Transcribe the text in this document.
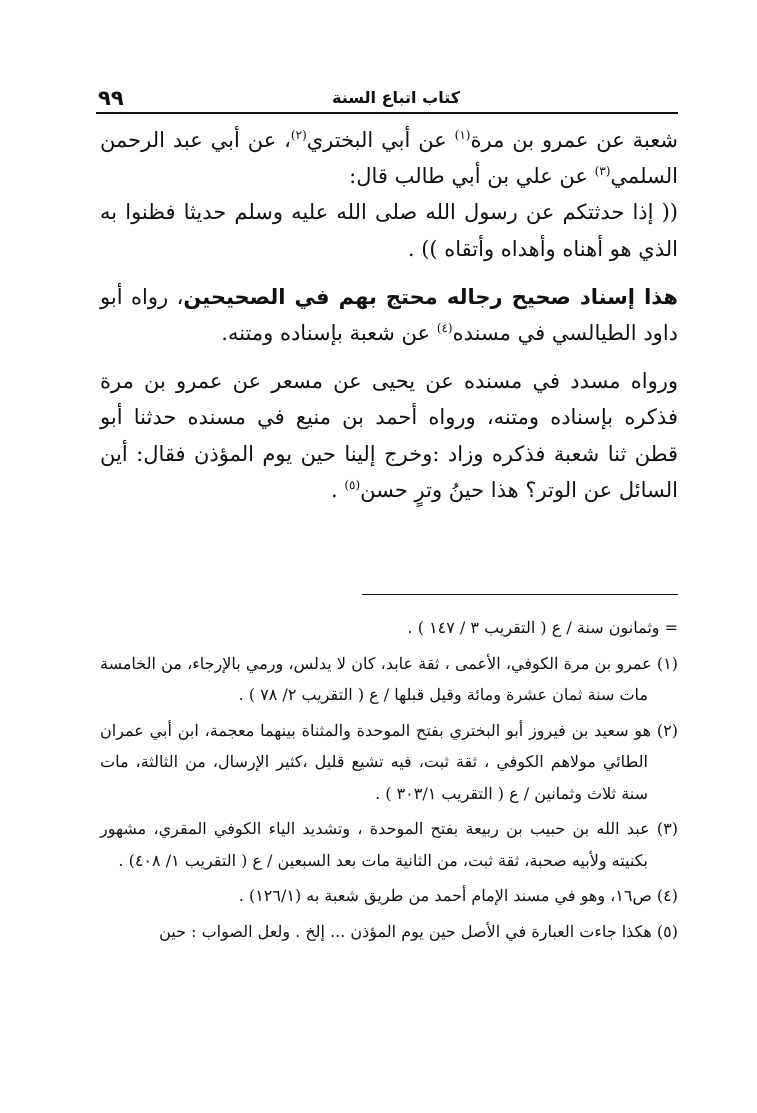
٩٩	كتاب اتباع السنة

شعبة عن عمرو بن مرة$^{(١)}$ عن أبي البختري$^{(٢)}$، عن أبي عبد الرحمن السلمي$^{(٣)}$ عن علي بن أبي طالب قال:

(( إذا حدثتكم عن رسول الله صلى الله عليه وسلم حديثا فظنوا به الذي هو أهناه وأهداه وأتقاه )) .

هذا إسناد صحيح رجاله محتج بهم في الصحيحين، رواه أبو داود الطيالسي في مسنده$^{(٤)}$ عن شعبة بإسناده ومتنه.

ورواه مسدد في مسنده عن يحيى عن مسعر عن عمرو بن مرة فذكره بإسناده ومتنه، ورواه أحمد بن منيع في مسنده حدثنا أبو قطن ثنا شعبة فذكره وزاد :وخرج إلينا حين يوم المؤذن فقال: أين السائل عن الوتر؟ هذا حينُ وترٍ حسن$^{(٥)}$ .

= وثمانون سنة / ع ( التقريب ٣ / ١٤٧ ) .

(١) عمرو بن مرة الكوفي، الأعمى ، ثقة عابد، كان لا يدلس، ورمي بالإرجاء، من الخامسة مات سنة ثمان عشرة ومائة وقيل قبلها / ع ( التقريب ٢/ ٧٨ ) .

(٢) هو سعيد بن فيروز أبو البختري بفتح الموحدة والمثناة بينهما معجمة، ابن أبي عمران الطائي مولاهم الكوفي ، ثقة ثبت، فيه تشيع قليل ،كثير الإرسال، من الثالثة، مات سنة ثلاث وثمانين / ع ( التقريب ٣٠٣/١ ) .

(٣) عبد الله بن حبيب بن ربيعة بفتح الموحدة ، وتشديد الياء الكوفي المقري، مشهور بكنيته ولأبيه صحبة، ثقة ثبت، من الثانية مات بعد السبعين / ع ( التقريب ١/ ٤٠٨) .

(٤) ص١٦، وهو في مسند الإمام أحمد من طريق شعبة به (١٢٦/١) .

(٥) هكذا جاءت العبارة في الأصل حين يوم المؤذن ... إلخ . ولعل الصواب : حين
